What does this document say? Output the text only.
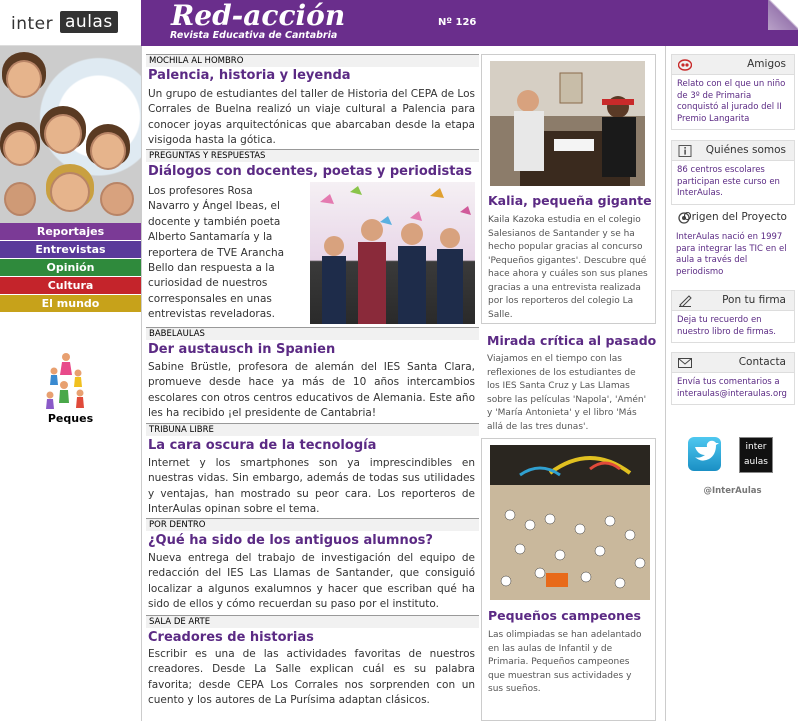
inter aulas Red-acción
Revista Educativa de Cantabria
Nº 126
Reportajes
Entrevistas
Opinión
Cultura
El mundo
Peques
MOCHILA AL HOMBRO
Palencia, historia y leyenda
Un grupo de estudiantes del taller de Historia del CEPA de Los Corrales de Buelna realizó un viaje cultural a Palencia para conocer joyas arquitectónicas que abarcaban desde la etapa visigoda hasta la gótica.
PREGUNTAS Y RESPUESTAS
Diálogos con docentes, poetas y periodistas
Los profesores Rosa
Navarro y Ángel Ibeas, el
docente y también poeta
Alberto Santamaría y la
reportera de TVE Arancha
Bello dan respuesta a la
curiosidad de nuestros
corresponsales en unas
entrevistas reveladoras.
BABELAULAS
Der austausch in Spanien
Sabine Brüstle, profesora de alemán del IES Santa Clara, promueve desde hace ya más de 10 años intercambios escolares con otros centros educativos de Alemania. Este año les ha recibido ¡el presidente de Cantabria!
TRIBUNA LIBRE
La cara oscura de la tecnología
Internet y los smartphones son ya imprescindibles en nuestras vidas. Sin embargo, además de todas sus utilidades y ventajas, han mostrado su peor cara. Los reporteros de InterAulas opinan sobre el tema.
POR DENTRO
¿Qué ha sido de los antiguos alumnos?
Nueva entrega del trabajo de investigación del equipo de redacción del IES Las Llamas de Santander, que consiguió localizar a algunos exalumnos y hacer que escriban qué ha sido de ellos y cómo recuerdan su paso por el instituto.
SALA DE ARTE
Creadores de historias
Escribir es una de las actividades favoritas de nuestros creadores. Desde La Salle explican cuál es su palabra favorita; desde CEPA Los Corrales nos sorprenden con un cuento y los autores de La Purísima adaptan clásicos.
Kalia, pequeña gigante
Kaila Kazoka estudia en el colegio Salesianos de Santander y se ha hecho popular gracias al concurso 'Pequeños gigantes'. Descubre qué hace ahora y cuáles son sus planes gracias a una entrevista realizada por los reporteros del colegio La Salle.
Mirada crítica al pasado
Viajamos en el tiempo con las reflexiones de los estudiantes de los IES Santa Cruz y Las Llamas sobre las películas 'Napola', 'Amén' y 'María Antonieta' y el libro 'Más allá de las tres dunas'.
Pequeños campeones
Las olimpiadas se han adelantado en las aulas de Infantil y de Primaria. Pequeños campeones que muestran sus actividades y sus sueños.
Amigos
Relato con el que un niño de 3º de Primaria conquistó al jurado del II Premio Langarita
Quiénes somos
86 centros escolares participan este curso en InterAulas.
Origen del Proyecto
InterAulas nació en 1997 para integrar las TIC en el aula a través del periodismo
Pon tu firma
Deja tu recuerdo en nuestro libro de firmas.
Contacta
Envía tus comentarios a interaulas@interaulas.org
inter
aulas
@InterAulas
